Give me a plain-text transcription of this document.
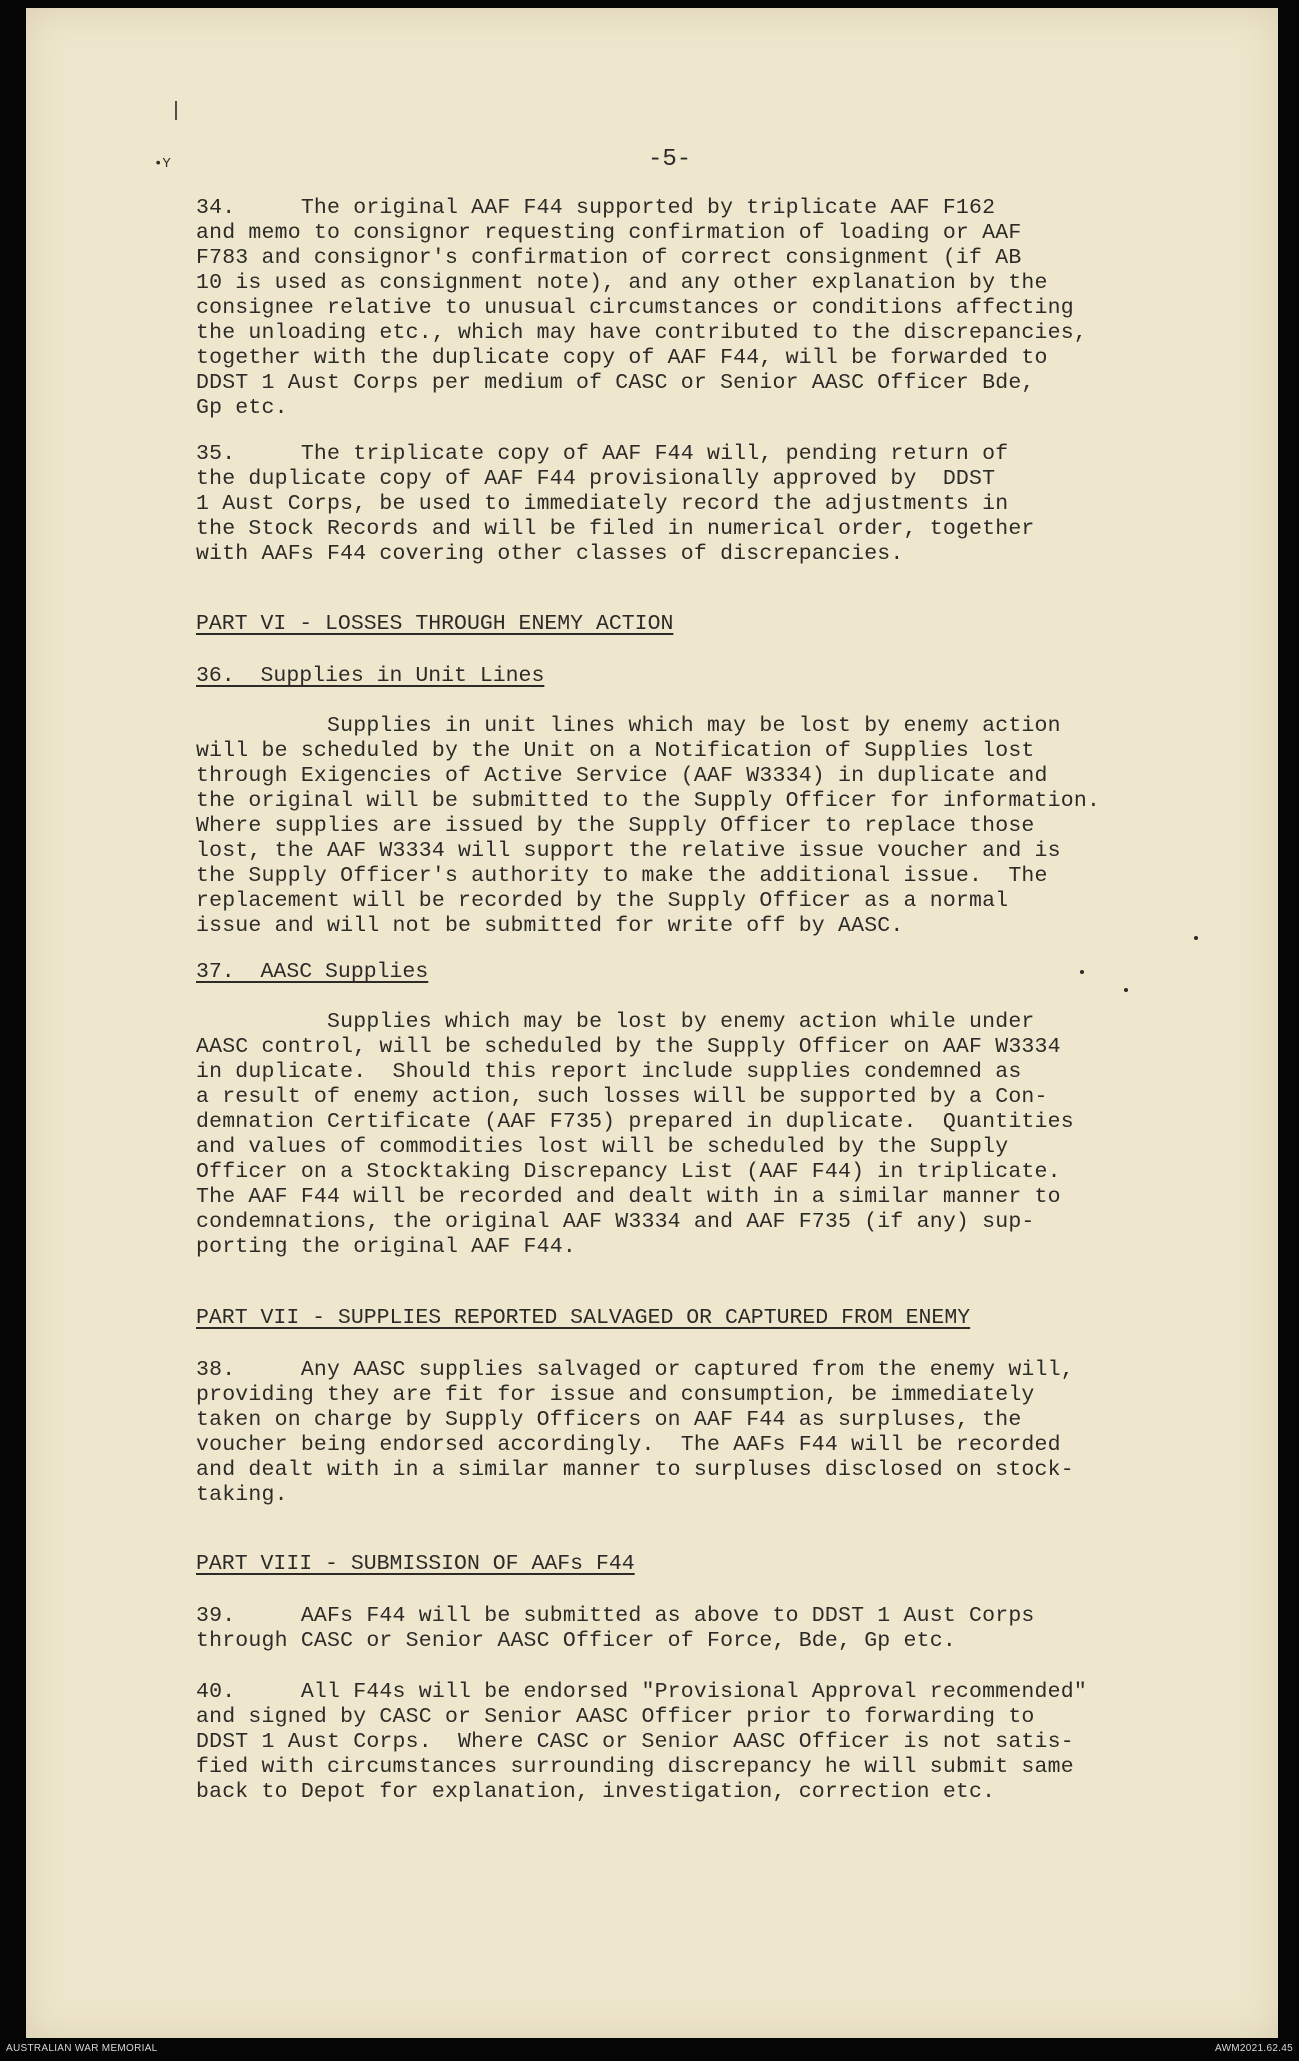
|
•Y	-5-
34.     The original AAF F44 supported by triplicate AAF F162
and memo to consignor requesting confirmation of loading or AAF
F783 and consignor's confirmation of correct consignment (if AB
10 is used as consignment note), and any other explanation by the
consignee relative to unusual circumstances or conditions affecting
the unloading etc., which may have contributed to the discrepancies,
together with the duplicate copy of AAF F44, will be forwarded to
DDST 1 Aust Corps per medium of CASC or Senior AASC Officer Bde,
Gp etc.
35.     The triplicate copy of AAF F44 will, pending return of
the duplicate copy of AAF F44 provisionally approved by  DDST
1 Aust Corps, be used to immediately record the adjustments in
the Stock Records and will be filed in numerical order, together
with AAFs F44 covering other classes of discrepancies.
PART VI - LOSSES THROUGH ENEMY ACTION
36.  Supplies in Unit Lines
Supplies in unit lines which may be lost by enemy action
will be scheduled by the Unit on a Notification of Supplies lost
through Exigencies of Active Service (AAF W3334) in duplicate and
the original will be submitted to the Supply Officer for information.
Where supplies are issued by the Supply Officer to replace those
lost, the AAF W3334 will support the relative issue voucher and is
the Supply Officer's authority to make the additional issue.  The
replacement will be recorded by the Supply Officer as a normal
issue and will not be submitted for write off by AASC.
37.  AASC Supplies
Supplies which may be lost by enemy action while under
AASC control, will be scheduled by the Supply Officer on AAF W3334
in duplicate.  Should this report include supplies condemned as
a result of enemy action, such losses will be supported by a Con-
demnation Certificate (AAF F735) prepared in duplicate.  Quantities
and values of commodities lost will be scheduled by the Supply
Officer on a Stocktaking Discrepancy List (AAF F44) in triplicate.
The AAF F44 will be recorded and dealt with in a similar manner to
condemnations, the original AAF W3334 and AAF F735 (if any) sup-
porting the original AAF F44.
PART VII - SUPPLIES REPORTED SALVAGED OR CAPTURED FROM ENEMY
38.     Any AASC supplies salvaged or captured from the enemy will,
providing they are fit for issue and consumption, be immediately
taken on charge by Supply Officers on AAF F44 as surpluses, the
voucher being endorsed accordingly.  The AAFs F44 will be recorded
and dealt with in a similar manner to surpluses disclosed on stock-
taking.
PART VIII - SUBMISSION OF AAFs F44
39.     AAFs F44 will be submitted as above to DDST 1 Aust Corps
through CASC or Senior AASC Officer of Force, Bde, Gp etc.
40.     All F44s will be endorsed "Provisional Approval recommended"
and signed by CASC or Senior AASC Officer prior to forwarding to
DDST 1 Aust Corps.  Where CASC or Senior AASC Officer is not satis-
fied with circumstances surrounding discrepancy he will submit same
back to Depot for explanation, investigation, correction etc.
AUSTRALIAN WAR MEMORIAL	AWM2021.62.45
